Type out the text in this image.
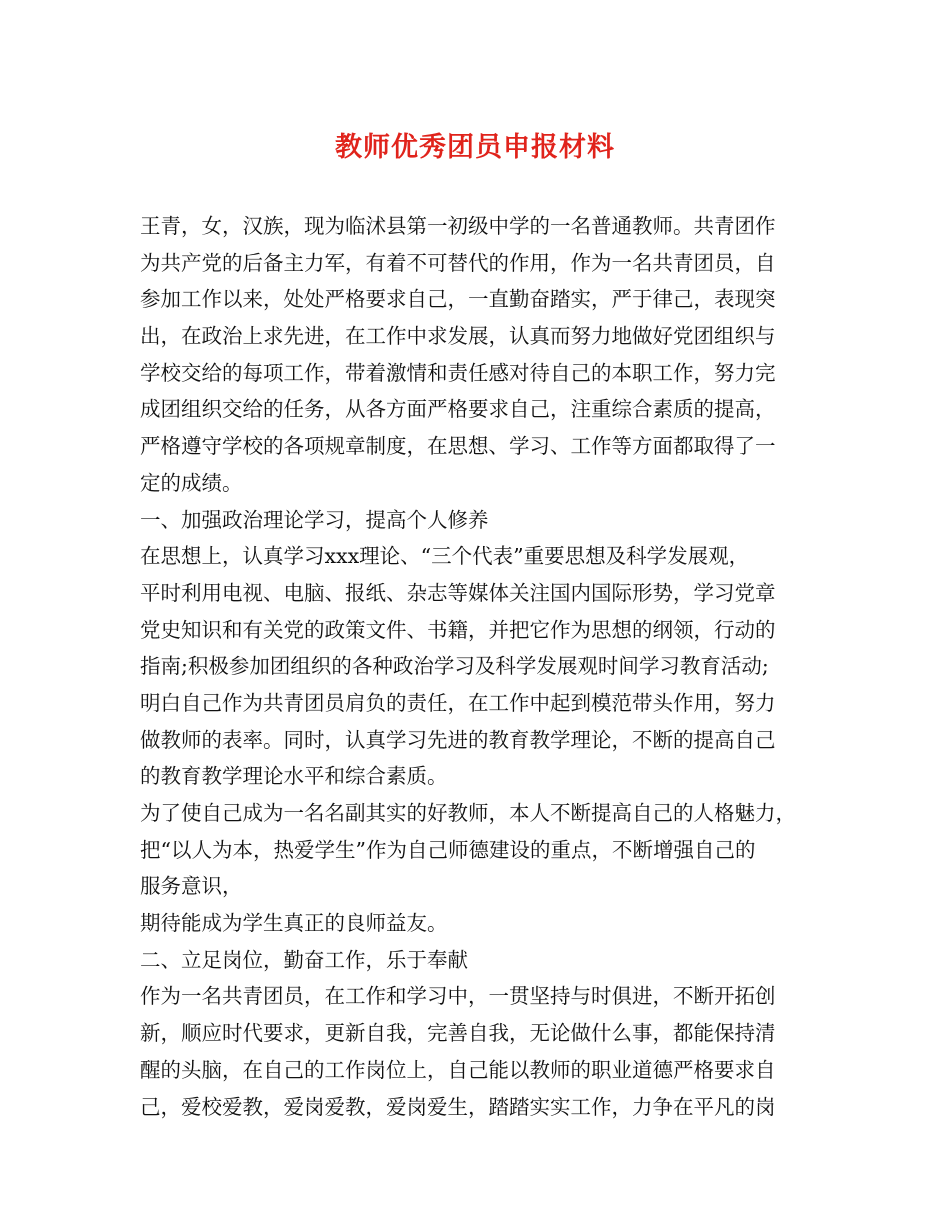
教师优秀团员申报材料
王青，女，汉族，现为临沭县第一初级中学的一名普通教师。共青团作
为共产党的后备主力军，有着不可替代的作用，作为一名共青团员，自
参加工作以来，处处严格要求自己，一直勤奋踏实，严于律己，表现突
出，在政治上求先进，在工作中求发展，认真而努力地做好党团组织与
学校交给的每项工作，带着激情和责任感对待自己的本职工作，努力完
成团组织交给的任务，从各方面严格要求自己，注重综合素质的提高，
严格遵守学校的各项规章制度，在思想、学习、工作等方面都取得了一
定的成绩。
一、加强政治理论学习，提高个人修养
在思想上，认真学习xxx理论、“三个代表”重要思想及科学发展观，
平时利用电视、电脑、报纸、杂志等媒体关注国内国际形势，学习党章
党史知识和有关党的政策文件、书籍，并把它作为思想的纲领，行动的
指南;积极参加团组织的各种政治学习及科学发展观时间学习教育活动;
明白自己作为共青团员肩负的责任，在工作中起到模范带头作用，努力
做教师的表率。同时，认真学习先进的教育教学理论，不断的提高自己
的教育教学理论水平和综合素质。
为了使自己成为一名名副其实的好教师，本人不断提高自己的人格魅力，
把“以人为本，热爱学生”作为自己师德建设的重点，不断增强自己的
服务意识，
期待能成为学生真正的良师益友。
二、立足岗位，勤奋工作，乐于奉献
作为一名共青团员，在工作和学习中，一贯坚持与时俱进，不断开拓创
新，顺应时代要求，更新自我，完善自我，无论做什么事，都能保持清
醒的头脑，在自己的工作岗位上，自己能以教师的职业道德严格要求自
己，爱校爱教，爱岗爱教，爱岗爱生，踏踏实实工作，力争在平凡的岗
